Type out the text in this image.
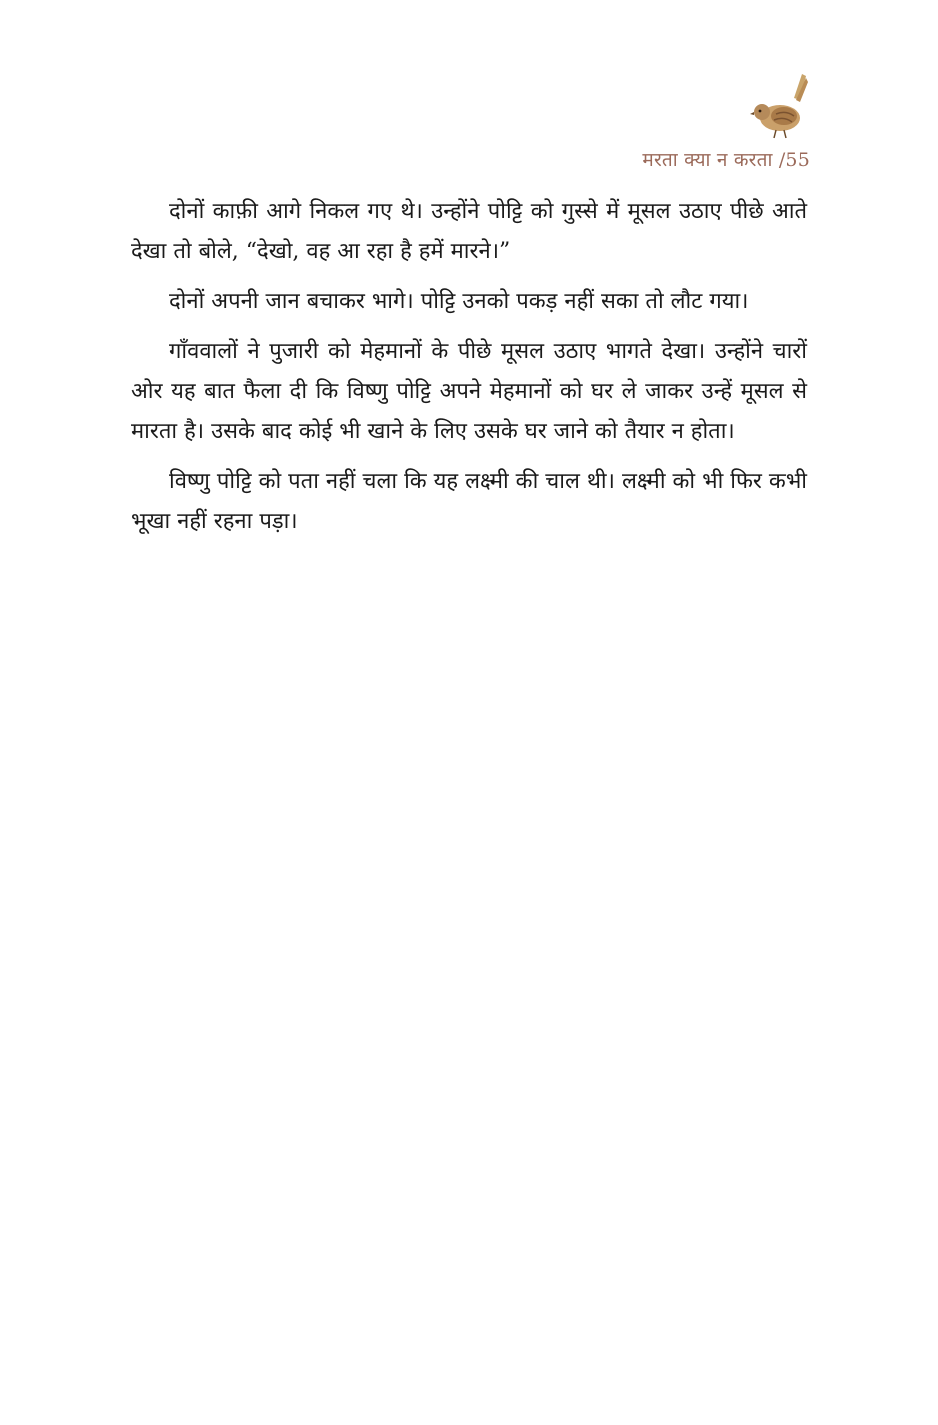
मरता क्या न करता /55

दोनों काफ़ी आगे निकल गए थे। उन्होंने पोट्टि को गुस्से में मूसल उठाए पीछे आते देखा तो बोले, “देखो, वह आ रहा है हमें मारने।”

दोनों अपनी जान बचाकर भागे। पोट्टि उनको पकड़ नहीं सका तो लौट गया।

गाँववालों ने पुजारी को मेहमानों के पीछे मूसल उठाए भागते देखा। उन्होंने चारों ओर यह बात फैला दी कि विष्णु पोट्टि अपने मेहमानों को घर ले जाकर उन्हें मूसल से मारता है। उसके बाद कोई भी खाने के लिए उसके घर जाने को तैयार न होता।

विष्णु पोट्टि को पता नहीं चला कि यह लक्ष्मी की चाल थी। लक्ष्मी को भी फिर कभी भूखा नहीं रहना पड़ा।
